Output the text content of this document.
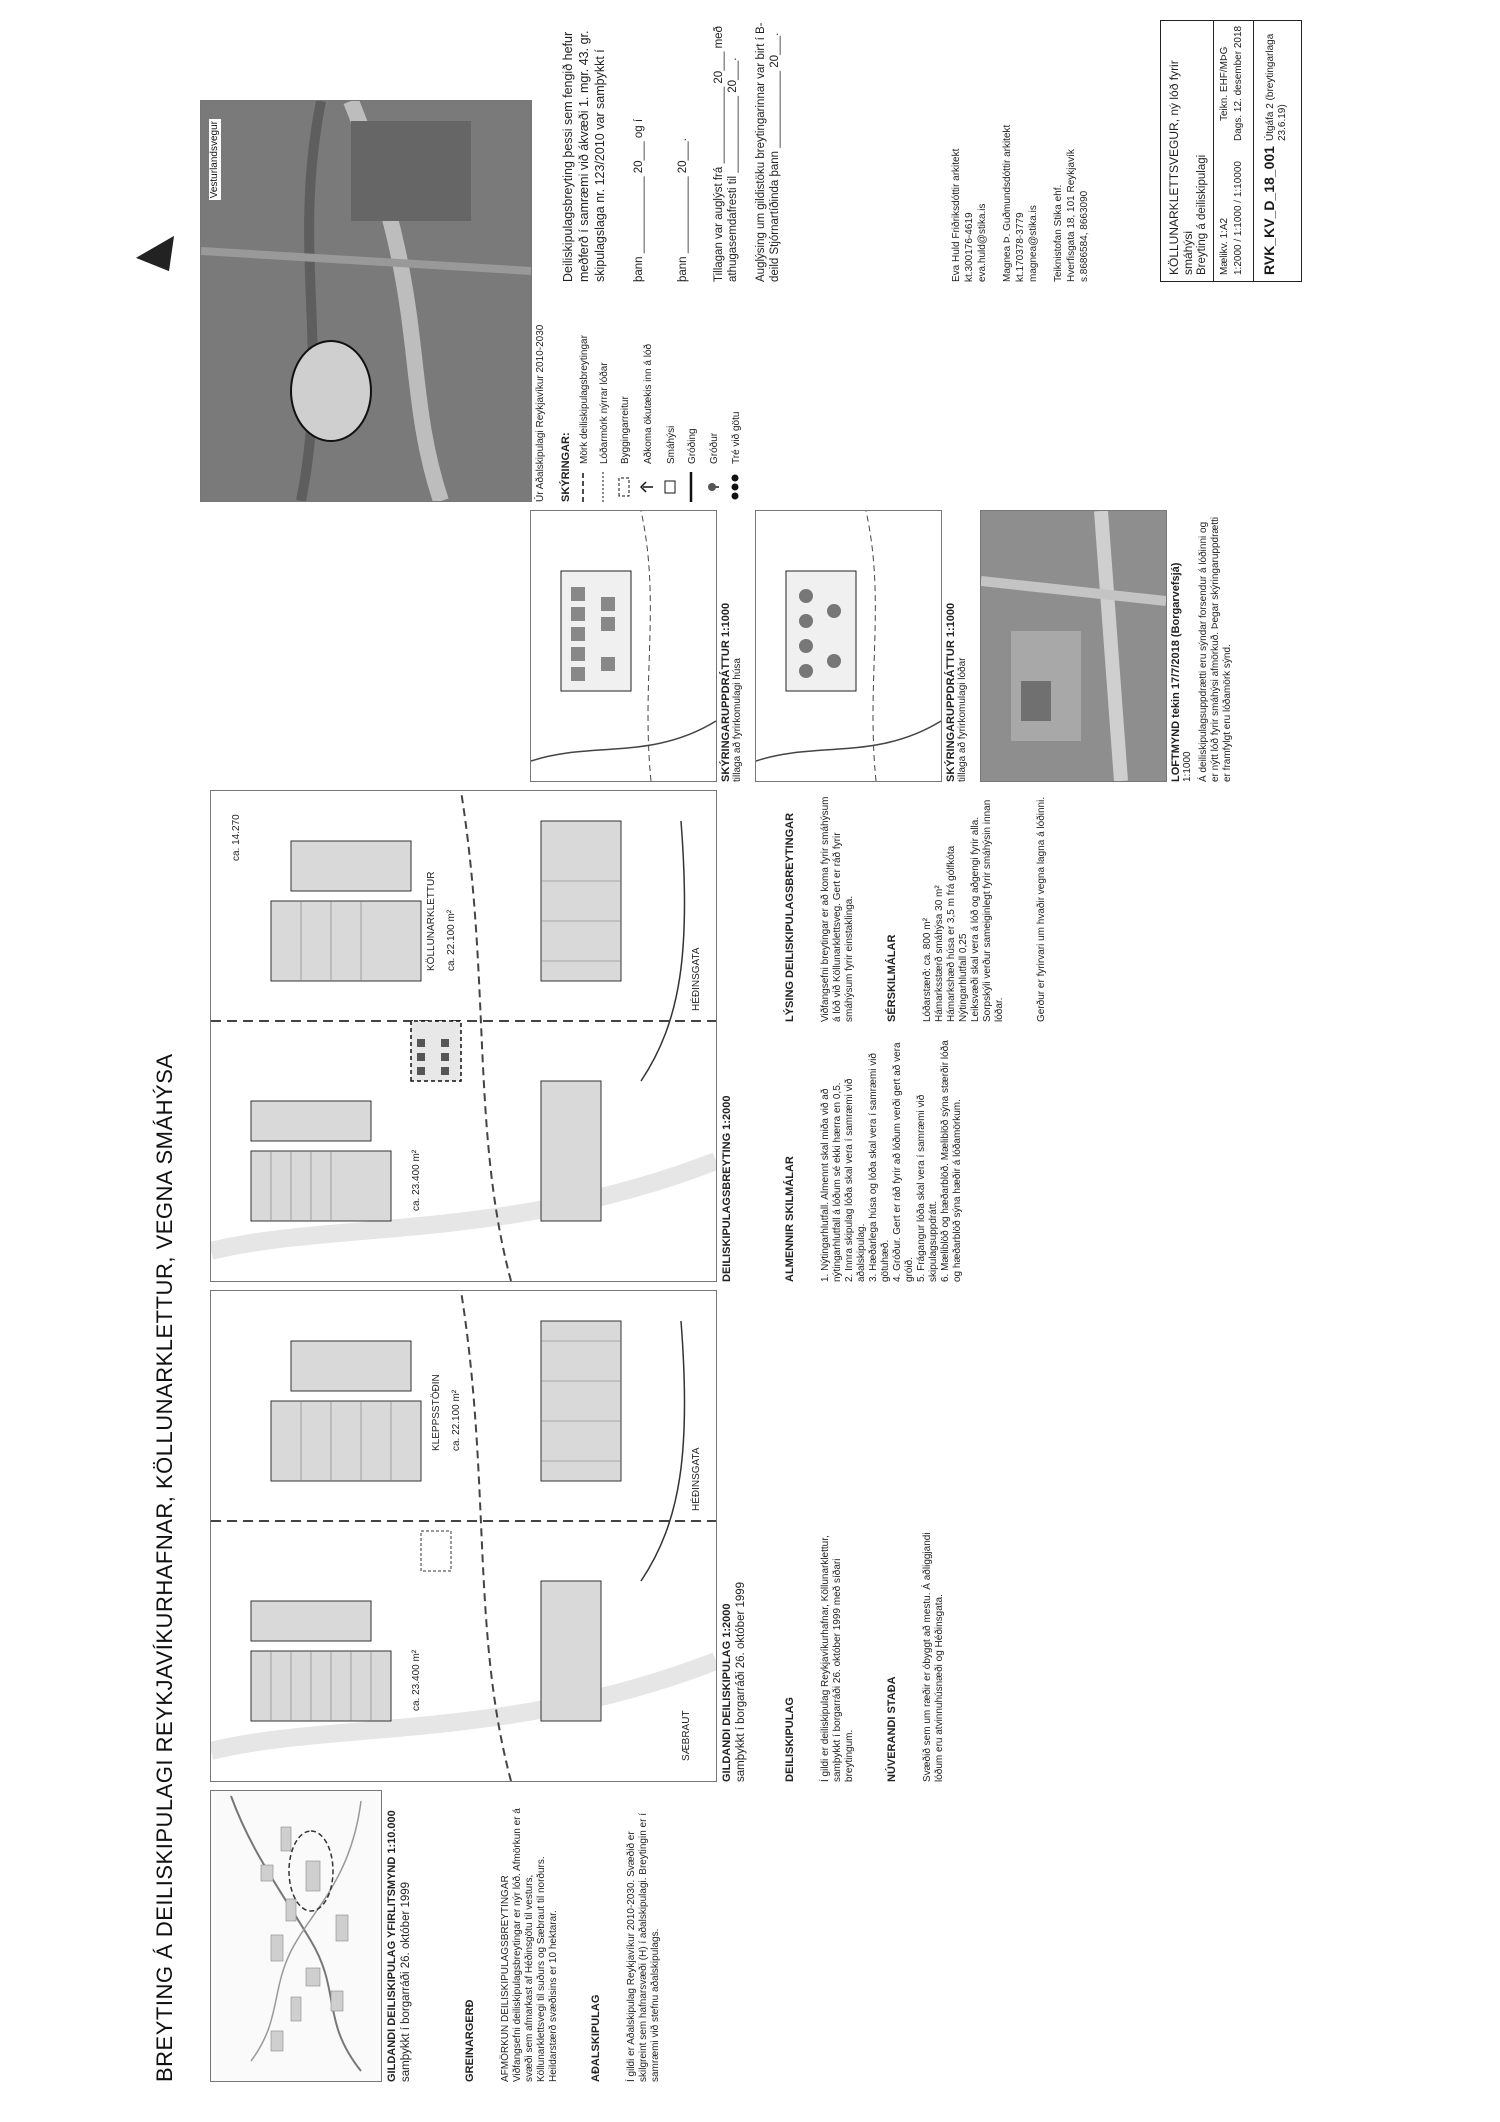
BREYTING Á DEILISKIPULAGI REYKJAVÍKURHAFNAR, KÖLLUNARKLETTUR, VEGNA SMÁHÝSA	GILDANDI DEILISKIPULAG YFIRLITSMYND 1:10.000 samþykkt í borgarráði 26. október 1999
SÆBRAUT
KLEPPSSTÖÐIN ca. 22.100 m²
ca. 23.400 m²
HÉÐINSGATA
GILDANDI DEILISKIPULAG 1:2000 samþykkt í borgarráði 26. október 1999
KÖLLUNARKLETTUR ca. 22.100 m²
ca. 14.270
ca. 23.400 m²
HÉÐINSGATA
DEILISKIPULAGSBREYTING 1:2000

GREINARGERÐ

AFMÖRKUN DEILISKIPULAGSBREYTINGAR
Viðfangsefni deiliskipulagsbreytingar er nýr lóð. Afmörkun er á svæði sem afmarkast af Héðinsgötu til vesturs, Köllunarklettsvegi til suðurs og Sæbraut til norðurs. Heildarstærð svæðisins er 10 hektarar.

AÐALSKIPULAG

Í gildi er Aðalskipulag Reykjavíkur 2010-2030. Svæðið er skilgreint sem hafnarsvæði (H) í aðalskipulagi. Breytingin er í samræmi við stefnu aðalskipulags.

DEILISKIPULAG

Í gildi er deiliskipulag Reykjavíkurhafnar, Köllunarklettur, samþykkt í borgarráði 26. október 1999 með síðari breytingum.

	NÚVERANDI STAÐA

Svæðið sem um ræðir er óbyggt að mestu. Á aðliggjandi lóðum eru atvinnuhúsnæði og Héðinsgata.

ALMENNIR SKILMÁLAR

1. Nýtingarhlutfall. Almennt skal miða við að nýtingarhlutfall á lóðum sé ekki hærra en 0,5.
2. Innra skipulag lóða skal vera í samræmi við aðalskipulag.
3. Hæðarlega húsa og lóða skal vera í samræmi við götuhæð.
4. Gróður. Gert er ráð fyrir að lóðum verði gert að vera gróið.
5. Frágangur lóða skal vera í samræmi við skipulagsuppdrátt.
6. Mæliblöð og hæðarblöð. Mæliblöð sýna stærðir lóða og hæðarblöð sýna hæðir á lóðamörkum.

LÝSING DEILISKIPULAGSBREYTINGAR

Viðfangsefni breytingar er að koma fyrir smáhýsum á lóð við Köllunarklettsveg. Gert er ráð fyrir smáhýsum fyrir einstaklinga.

	SÉRSKILMÁLAR

Lóðarstærð: ca. 800 m²
Hámarksstærð smáhýsa 30 m²
Hámarkshæð húsa er 3,5 m frá gólfkóta
Nýtingarhlutfall 0,25
Leiksvæði skal vera á lóð og aðgengi fyrir alla.
Sorpskýli verður sameiginlegt fyrir smáhýsin innan lóðar.

	Gerður er fyrirvari um hvaðir vegna lagna á lóðinni.

SKÝRINGARUPPDRÁTTUR 1:1000 tillaga að fyrirkomulagi húsa	SKÝRINGARUPPDRÁTTUR 1:1000 tillaga að fyrirkomulagi lóðar	LOFTMYND tekin 17/7/2018 (Borgarvefsjá) 1:1000 Á deiliskipulagsuppdrætti eru sýndar forsendur á lóðinni og er nýtt lóð fyrir smáhýsi afmörkuð. Þegar skýringaruppdrætti er framfylgt eru lóðamörk sýnd.
Vesturlandsvegur
Úr Aðalskipulagi Reykjavíkur 2010-2030 SKÝRINGAR:
Mörk deiliskipulagsbreytingar Lóðarmörk nýrrar lóðar Byggingarreitur Aðkoma ökutækis inn á lóð Smáhýsi Gróðing Gróður Tré við götu
Deiliskipulagsbreyting þessi sem fengið hefur meðferð í samræmi við ákvæði 1. mgr. 43. gr. skipulagslaga nr. 123/2010 var samþykkt í þann ____________ 20___ og í	þann ____________ 20___. Tillagan var auglýst frá ____________ 20___ með athugasemdafresti til ____________ 20___. Auglýsing um gildistöku breytingarinnar var birt í B-deild Stjórnartíðinda þann ____________ 20___.	Eva Huld Friðriksdóttir arkitekt kt.300176-4619 eva.huld@stika.is Magnea Þ. Guðmundsdóttir arkitekt kt.170378-3779 magnea@stika.is Teiknistofan Stika ehf. Hverfisgata 18, 101 Reykjavík s.8686584, 8663090	KÖLLUNARKLETTSVEGUR, ný lóð fyrir smáhýsi Breyting á deiliskipulagi Mælikv. 1:A2 1:2000 / 1:1000 / 1:10000
Teikn. EHF/MÞG Dags. 12. desember 2018
RVK_KV_D_18_001
Útgáfa 2 (breytingarlaga 23.6.19)
